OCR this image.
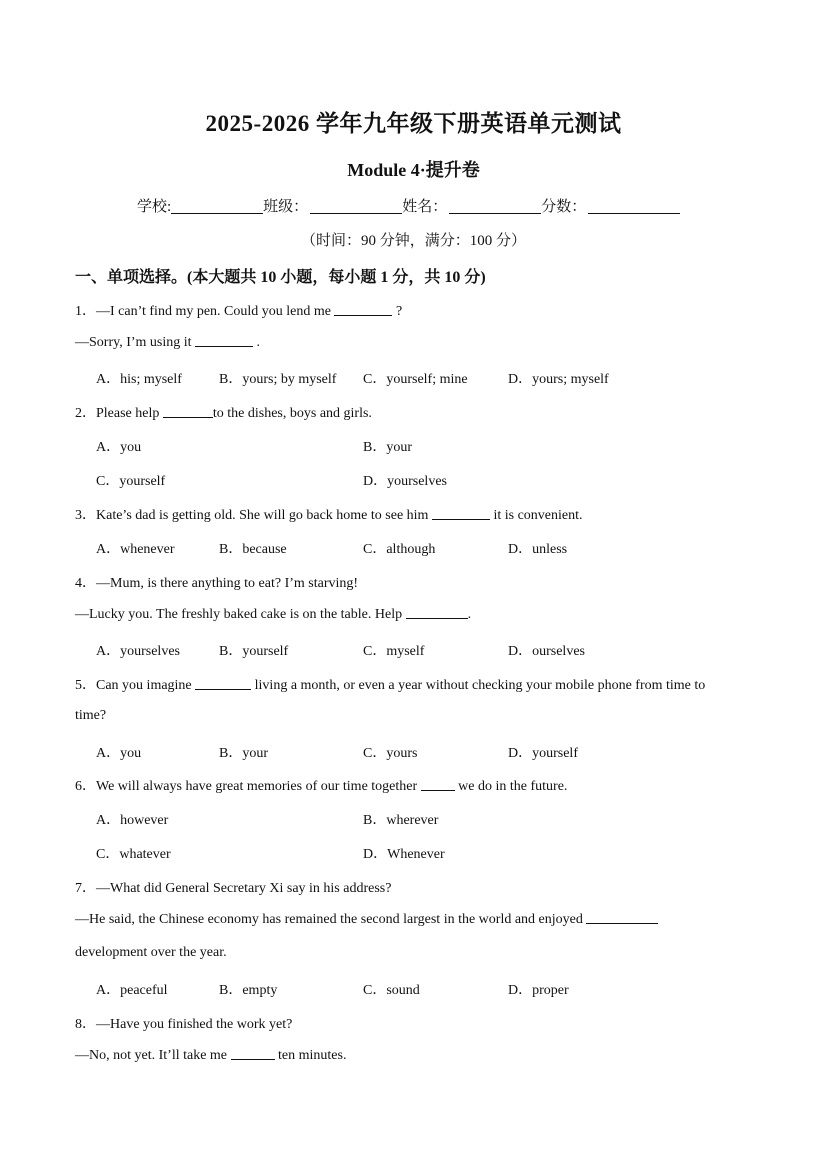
2025-2026 学年九年级下册英语单元测试
Module 4·提升卷
学校:	班级：	姓名：	分数：
（时间：90 分钟，满分：100 分）
一、单项选择。(本大题共 10 小题，每小题 1 分，共 10 分)
1．—I can’t find my pen. Could you lend me	?
—Sorry, I’m using it	.
A．his; myself	B．yours; by myself C．yourself; mine	D．yours; myself
2．Please help	to the dishes, boys and girls.
A．you	B．your
C．yourself	D．yourselves
3．Kate’s dad is getting old. She will go back home to see him	it is convenient.
A．whenever	B．because	C．although	D．unless
4．—Mum, is there anything to eat? I’m starving!
—Lucky you. The freshly baked cake is on the table. Help	.
A．yourselves	B．yourself	C．myself	D．ourselves
5．Can you imagine	living a month, or even a year without checking your mobile phone from time to
time?
A．you	B．your	C．yours	D．yourself
6．We will always have great memories of our time together	we do in the future.
A．however	B．wherever
C．whatever	D．Whenever
7．—What did General Secretary Xi say in his address?
—He said, the Chinese economy has remained the second largest in the world and enjoyed
development over the year.
A．peaceful	B．empty	C．sound	D．proper
8．—Have you finished the work yet?
—No, not yet. It’ll take me	ten minutes.
